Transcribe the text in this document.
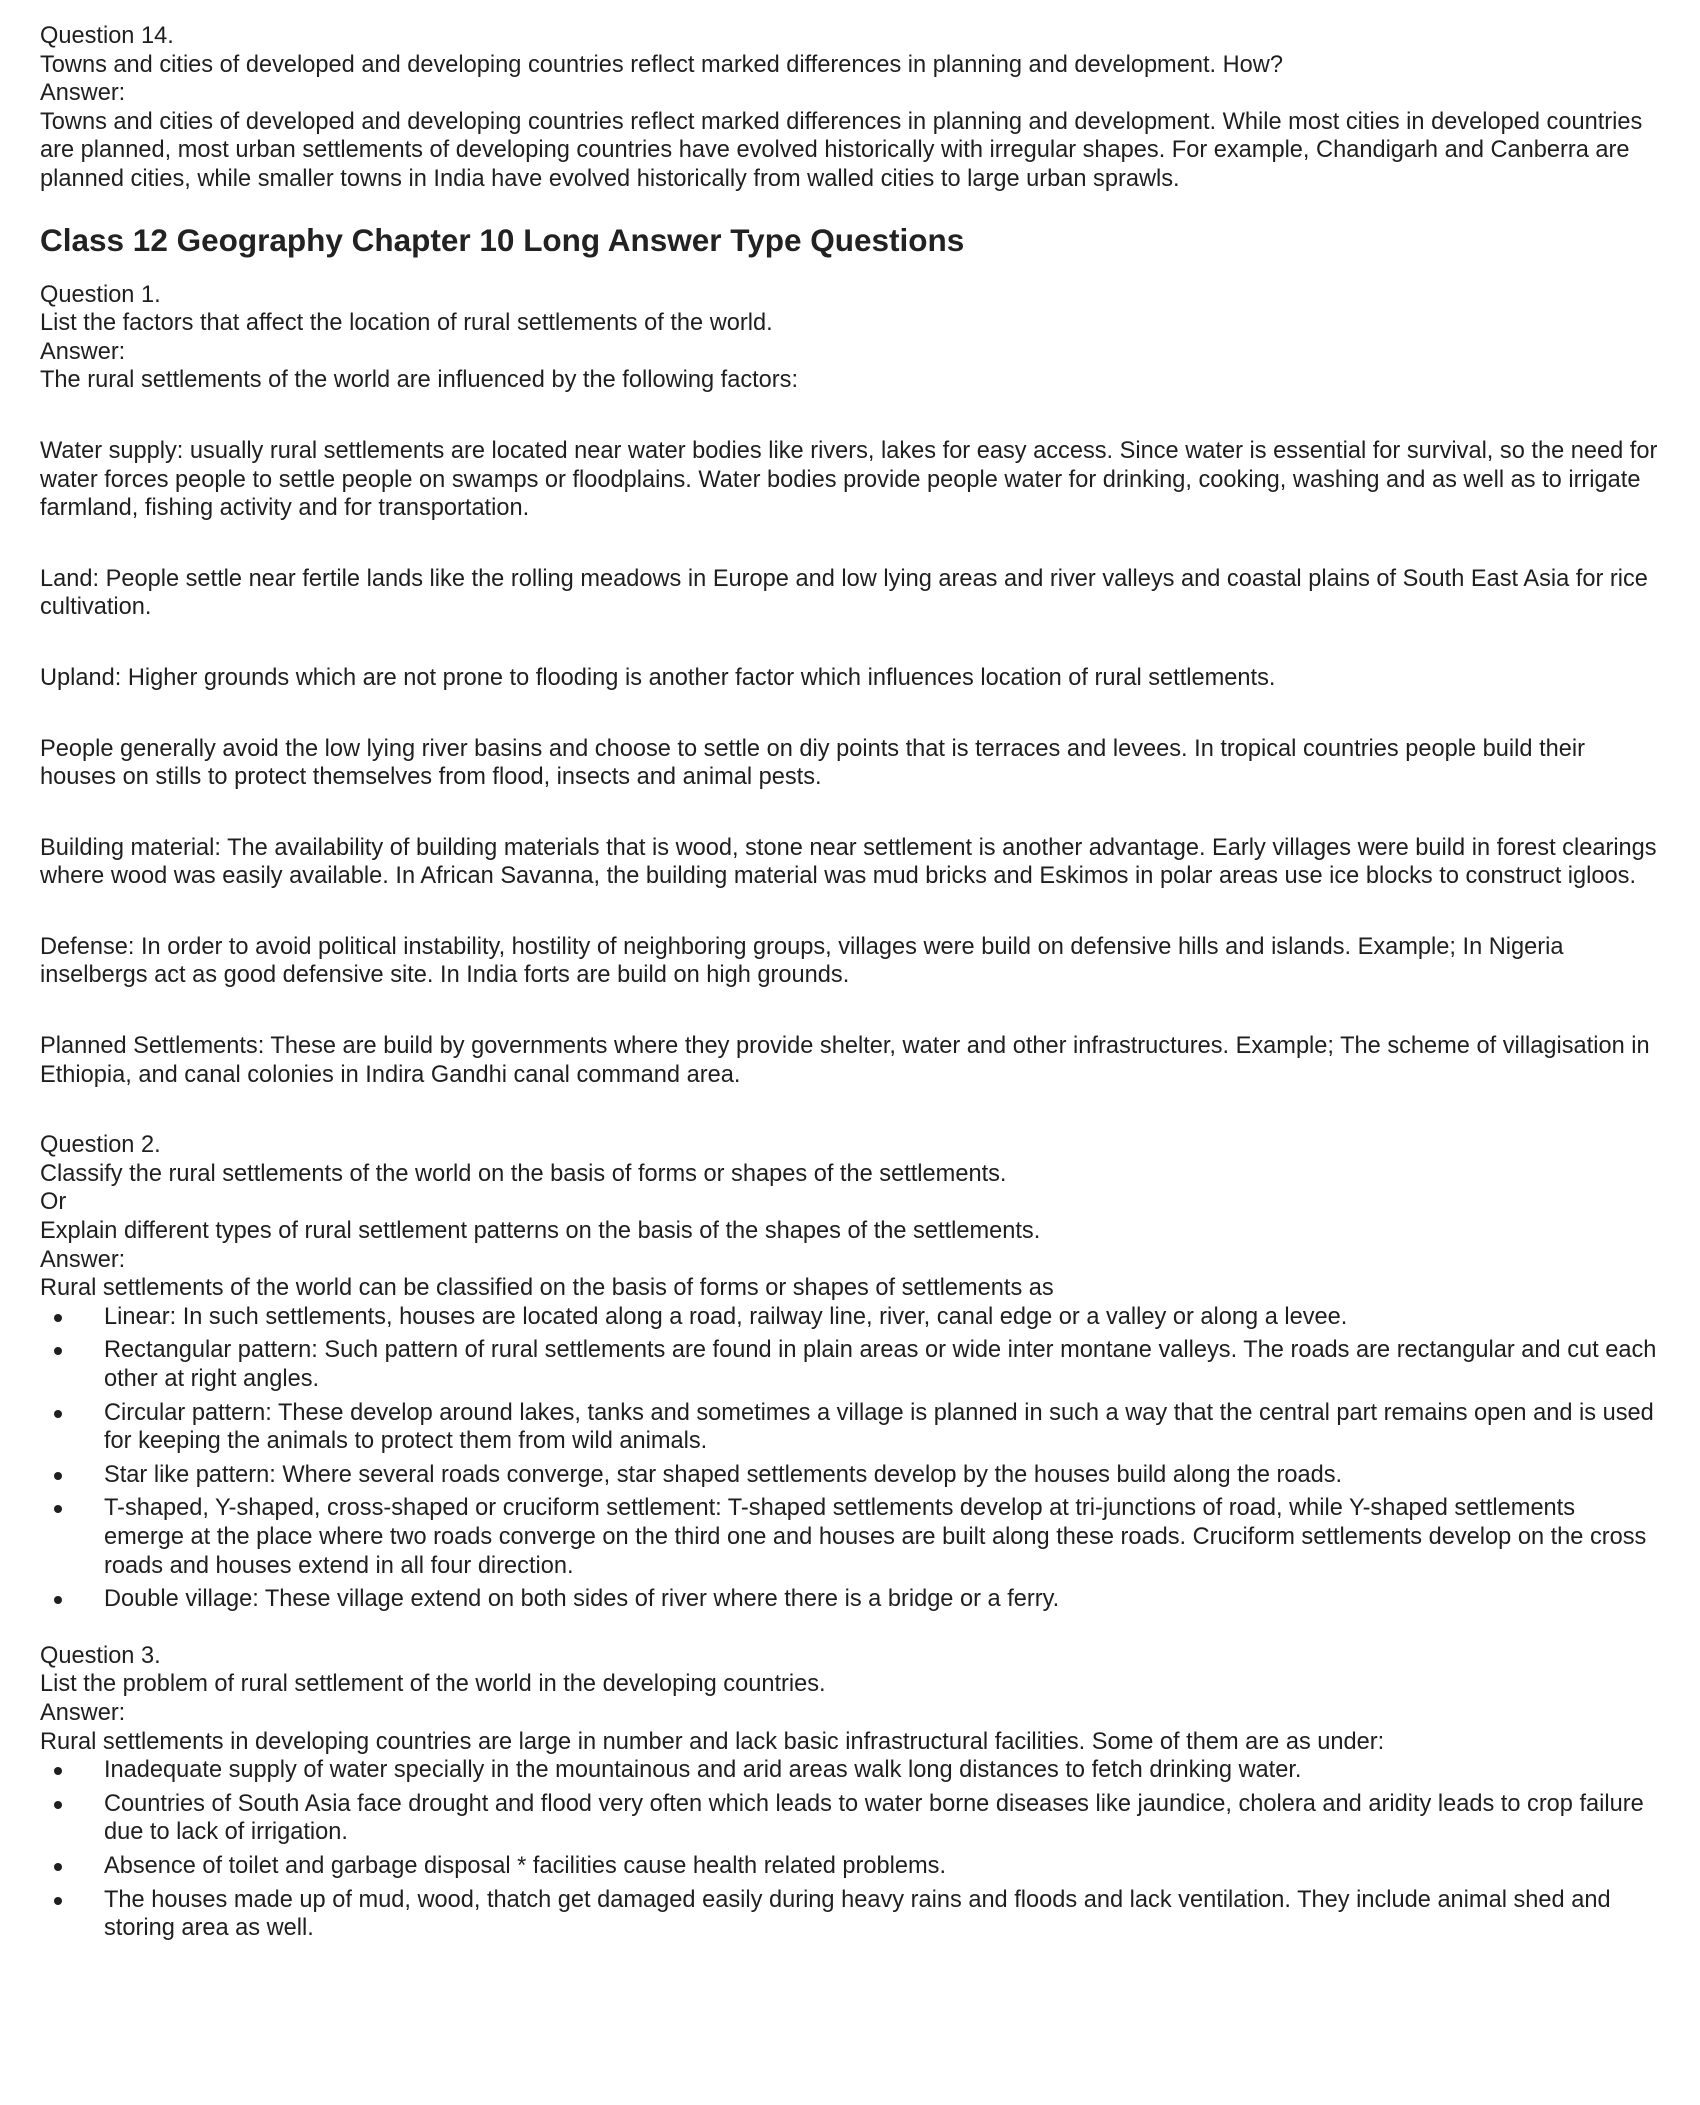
Question 14.

Towns and cities of developed and developing countries reflect marked differences in planning and development. How?

Answer:

Towns and cities of developed and developing countries reflect marked differences in planning and development. While most cities in developed countries are planned, most urban settlements of developing countries have evolved historically with irregular shapes. For example, Chandigarh and Canberra are planned cities, while smaller towns in India have evolved historically from walled cities to large urban sprawls.

Class 12 Geography Chapter 10 Long Answer Type Questions

Question 1.

List the factors that affect the location of rural settlements of the world.

Answer:

The rural settlements of the world are influenced by the following factors:

Water supply: usually rural settlements are located near water bodies like rivers, lakes for easy access. Since water is essential for survival, so the need for water forces people to settle people on swamps or floodplains. Water bodies provide people water for drinking, cooking, washing and as well as to irrigate farmland, fishing activity and for transportation.

Land: People settle near fertile lands like the rolling meadows in Europe and low lying areas and river valleys and coastal plains of South East Asia for rice cultivation.

Upland: Higher grounds which are not prone to flooding is another factor which influences location of rural settlements.

People generally avoid the low lying river basins and choose to settle on diy points that is terraces and levees. In tropical countries people build their houses on stills to protect themselves from flood, insects and animal pests.

Building material: The availability of building materials that is wood, stone near settlement is another advantage. Early villages were build in forest clearings where wood was easily available. In African Savanna, the building material was mud bricks and Eskimos in polar areas use ice blocks to construct igloos.

Defense: In order to avoid political instability, hostility of neighboring groups, villages were build on defensive hills and islands. Example; In Nigeria inselbergs act as good defensive site. In India forts are build on high grounds.

Planned Settlements: These are build by governments where they provide shelter, water and other infrastructures. Example; The scheme of villagisation in Ethiopia, and canal colonies in Indira Gandhi canal command area.

Question 2.

Classify the rural settlements of the world on the basis of forms or shapes of the settlements.

Or

Explain different types of rural settlement patterns on the basis of the shapes of the settlements.

Answer:

Rural settlements of the world can be classified on the basis of forms or shapes of settlements as

Linear: In such settlements, houses are located along a road, railway line, river, canal edge or a valley or along a levee.
Rectangular pattern: Such pattern of rural settlements are found in plain areas or wide inter montane valleys. The roads are rectangular and cut each other at right angles.
Circular pattern: These develop around lakes, tanks and sometimes a village is planned in such a way that the central part remains open and is used for keeping the animals to protect them from wild animals.
Star like pattern: Where several roads converge, star shaped settlements develop by the houses build along the roads.
T-shaped, Y-shaped, cross-shaped or cruciform settlement: T-shaped settlements develop at tri-junctions of road, while Y-shaped settlements emerge at the place where two roads converge on the third one and houses are built along these roads. Cruciform settlements develop on the cross roads and houses extend in all four direction.
Double village: These village extend on both sides of river where there is a bridge or a ferry.

Question 3.

List the problem of rural settlement of the world in the developing countries.

Answer:

Rural settlements in developing countries are large in number and lack basic infrastructural facilities. Some of them are as under:

Inadequate supply of water specially in the mountainous and arid areas walk long distances to fetch drinking water.
Countries of South Asia face drought and flood very often which leads to water borne diseases like jaundice, cholera and aridity leads to crop failure due to lack of irrigation.
Absence of toilet and garbage disposal * facilities cause health related problems.
The houses made up of mud, wood, thatch get damaged easily during heavy rains and floods and lack ventilation. They include animal shed and storing area as well.
